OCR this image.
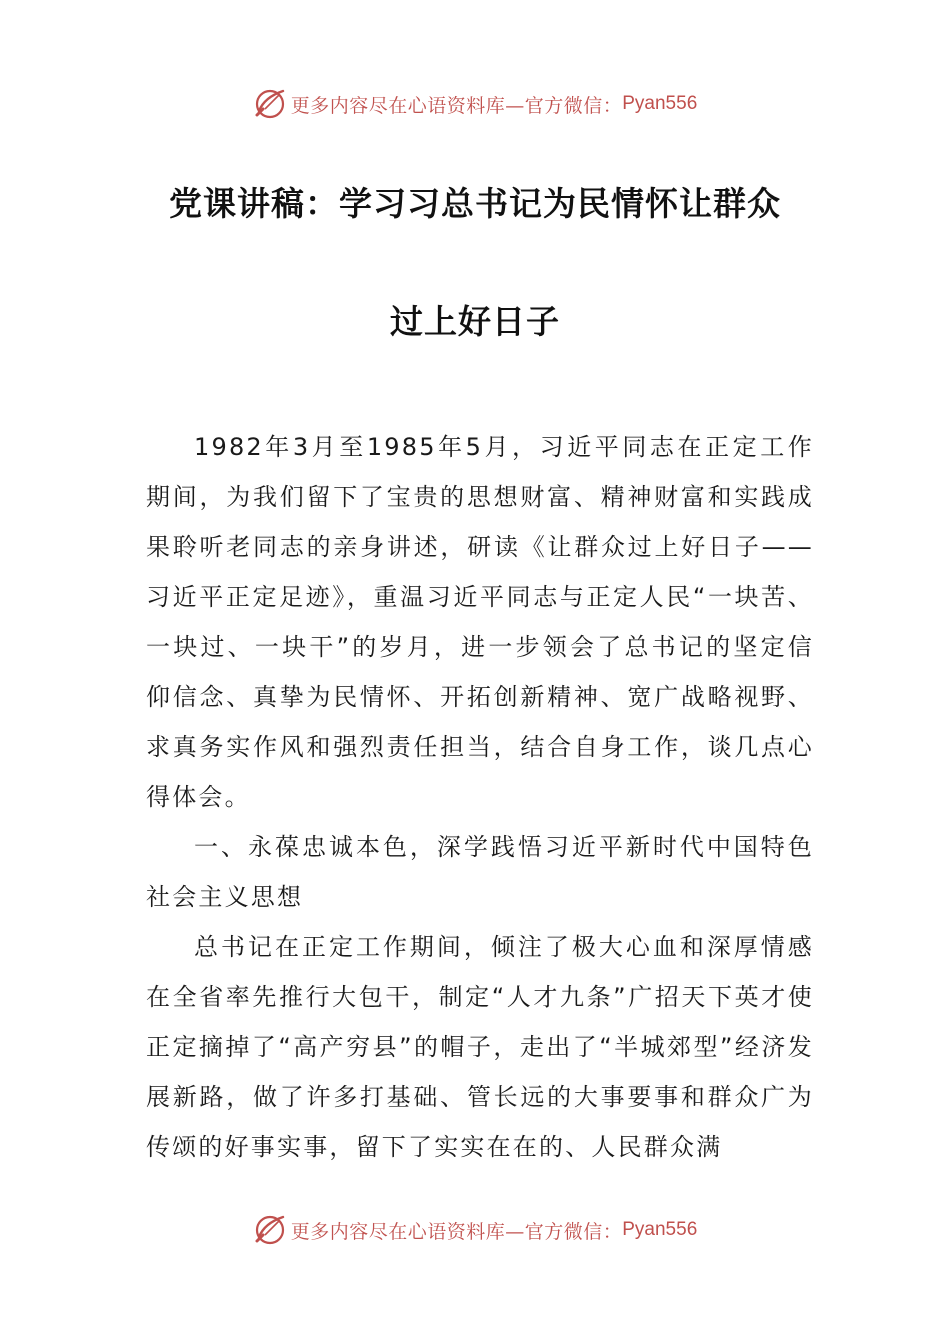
更多内容尽在心语资料库—官方微信： Pyan556
党课讲稿：学习习总书记为民情怀让群众
过上好日子

1982年3月至1985年5月，习近平同志在正定工作期间，为我们留下了宝贵的思想财富、精神财富和实践成果聆听老同志的亲身讲述，研读《让群众过上好日子——习近平正定足迹》，重温习近平同志与正定人民“一块苦、一块过、一块干”的岁月，进一步领会了总书记的坚定信仰信念、真挚为民情怀、开拓创新精神、宽广战略视野、求真务实作风和强烈责任担当，结合自身工作，谈几点心得体会。

一、永葆忠诚本色，深学践悟习近平新时代中国特色社会主义思想

总书记在正定工作期间，倾注了极大心血和深厚情感在全省率先推行大包干，制定“人才九条”广招天下英才使正定摘掉了“高产穷县”的帽子，走出了“半城郊型”经济发展新路，做了许多打基础、管长远的大事要事和群众广为传颂的好事实事，留下了实实在在的、人民群众满

更多内容尽在心语资料库—官方微信： Pyan556
